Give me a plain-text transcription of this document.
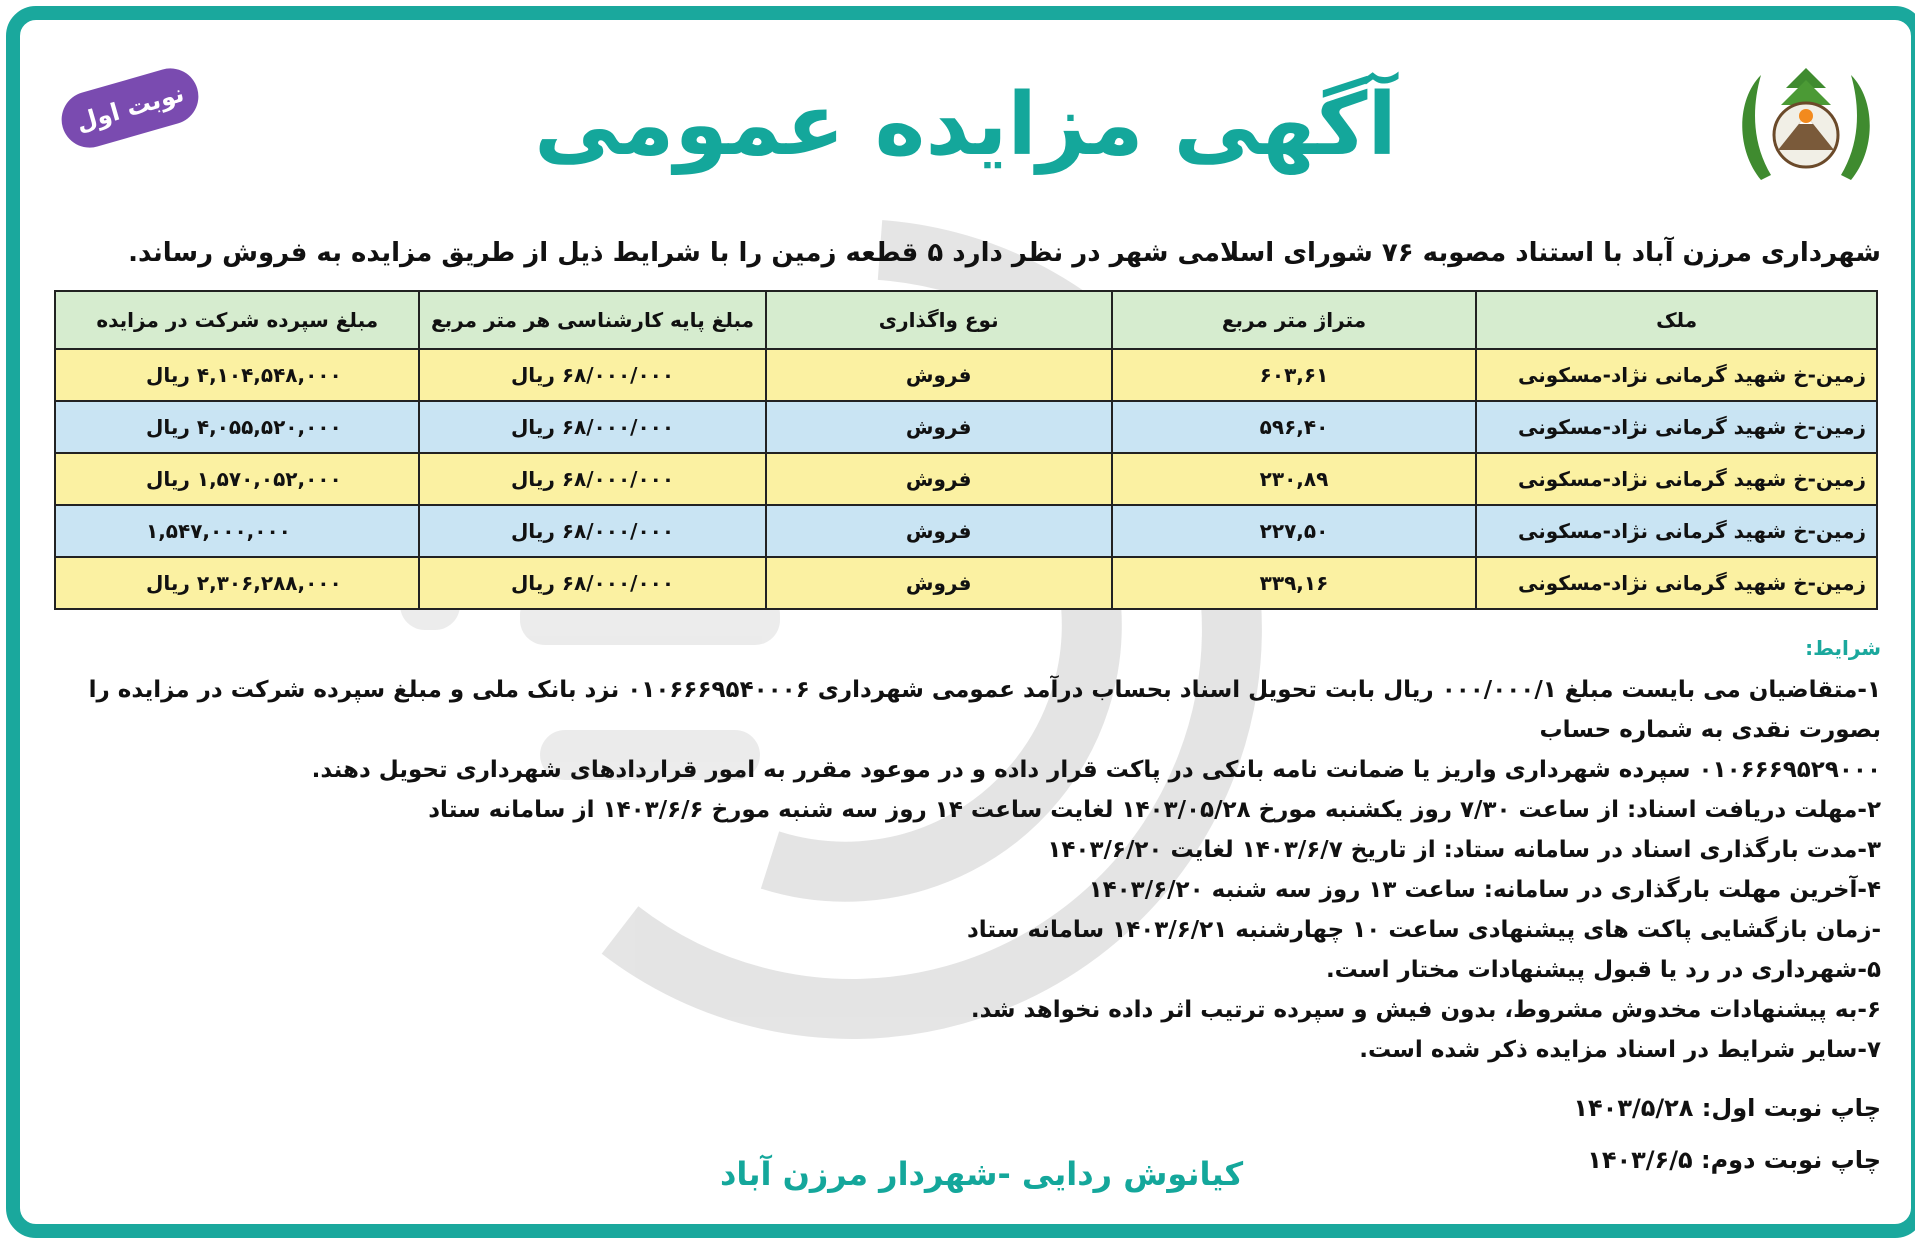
نوبت اول	آگهی مزایده عمومی
شهرداری مرزن آباد با استناد مصوبه ۷۶ شورای اسلامی شهر در نظر دارد ۵ قطعه زمین را با شرایط ذیل از طریق مزایده به فروش رساند.
ملک	متراژ متر مربع	نوع واگذاری	مبلغ پایه کارشناسی هر متر مربع	مبلغ سپرده شرکت در مزایده
زمین-خ شهید گرمانی نژاد-مسکونی	۶۰۳,۶۱	فروش	۶۸/۰۰۰/۰۰۰ ریال	۴,۱۰۴,۵۴۸,۰۰۰ ریال
زمین-خ شهید گرمانی نژاد-مسکونی	۵۹۶,۴۰	فروش	۶۸/۰۰۰/۰۰۰ ریال	۴,۰۵۵,۵۲۰,۰۰۰ ریال
زمین-خ شهید گرمانی نژاد-مسکونی	۲۳۰,۸۹	فروش	۶۸/۰۰۰/۰۰۰ ریال	۱,۵۷۰,۰۵۲,۰۰۰ ریال
زمین-خ شهید گرمانی نژاد-مسکونی	۲۲۷,۵۰	فروش	۶۸/۰۰۰/۰۰۰ ریال	۱,۵۴۷,۰۰۰,۰۰۰
زمین-خ شهید گرمانی نژاد-مسکونی	۳۳۹,۱۶	فروش	۶۸/۰۰۰/۰۰۰ ریال	۲,۳۰۶,۲۸۸,۰۰۰ ریال
شرایط:

۱-متقاضیان می بایست مبلغ ۰۰۰/۰۰۰/۱ ریال بابت تحویل اسناد بحساب درآمد عمومی شهرداری ۰۱۰۶۶۶۹۵۴۰۰۰۶ نزد بانک ملی و مبلغ سپرده شرکت در مزایده را بصورت نقدی به شماره حساب

۰۱۰۶۶۶۹۵۲۹۰۰۰ سپرده شهرداری واریز یا ضمانت نامه بانکی در پاکت قرار داده و در موعود مقرر به امور قراردادهای شهرداری تحویل دهند.

۲-مهلت دریافت اسناد: از ساعت ۷/۳۰ روز یکشنبه مورخ ۱۴۰۳/۰۵/۲۸ لغایت ساعت ۱۴ روز سه شنبه مورخ ۱۴۰۳/۶/۶ از سامانه ستاد

۳-مدت بارگذاری اسناد در سامانه ستاد: از تاریخ ۱۴۰۳/۶/۷ لغایت ۱۴۰۳/۶/۲۰

۴-آخرین مهلت بارگذاری در سامانه: ساعت ۱۳ روز سه شنبه ۱۴۰۳/۶/۲۰

-زمان بازگشایی پاکت های پیشنهادی ساعت ۱۰ چهارشنبه ۱۴۰۳/۶/۲۱ سامانه ستاد

۵-شهرداری در رد یا قبول پیشنهادات مختار است.

۶-به پیشنهادات مخدوش مشروط، بدون فیش و سپرده ترتیب اثر داده نخواهد شد.

۷-سایر شرایط در اسناد مزایده ذکر شده است.

چاپ نوبت اول: ۱۴۰۳/۵/۲۸
چاپ نوبت دوم: ۱۴۰۳/۶/۵
کیانوش ردایی -شهردار مرزن آباد
